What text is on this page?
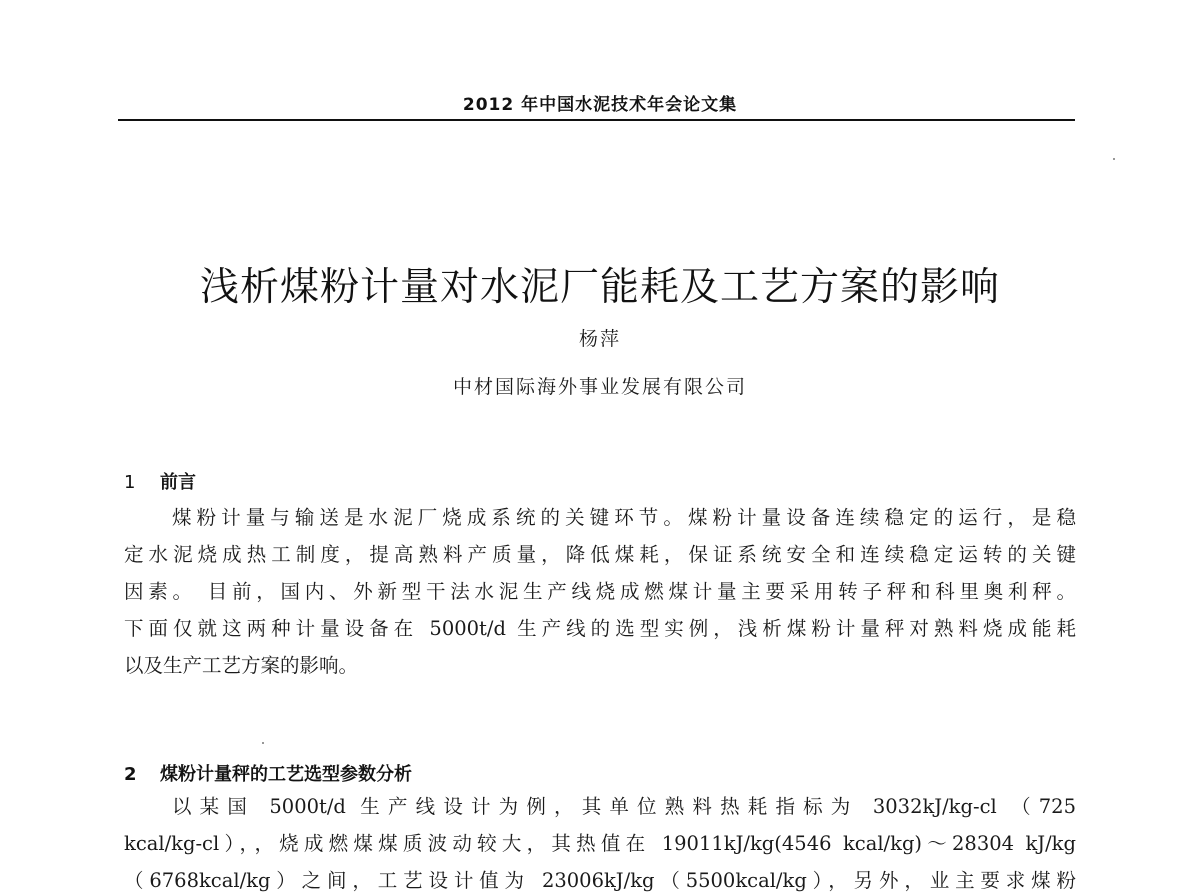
2012 年中国水泥技术年会论文集
浅析煤粉计量对水泥厂能耗及工艺方案的影响
杨萍
中材国际海外事业发展有限公司
1 前言
煤粉计量与输送是水泥厂烧成系统的关键环节。煤粉计量设备连续稳定的运行，是稳
定水泥烧成热工制度，提高熟料产质量，降低煤耗，保证系统安全和连续稳定运转的关键
因素。 目前，国内、外新型干法水泥生产线烧成燃煤计量主要采用转子秤和科里奥利秤。
下面仅就这两种计量设备在 5000t/d 生产线的选型实例，浅析煤粉计量秤对熟料烧成能耗
以及生产工艺方案的影响。
2 煤粉计量秤的工艺选型参数分析
以某国 5000t/d 生产线设计为例，其单位熟料热耗指标为 3032kJ/kg-cl （725
kcal/kg-cl），，烧成燃煤煤质波动较大，其热值在 19011kJ/kg(4546 kcal/kg)～28304 kJ/kg
（6768kcal/kg）之间，工艺设计值为 23006kJ/kg（5500kcal/kg），另外，业主要求煤粉
